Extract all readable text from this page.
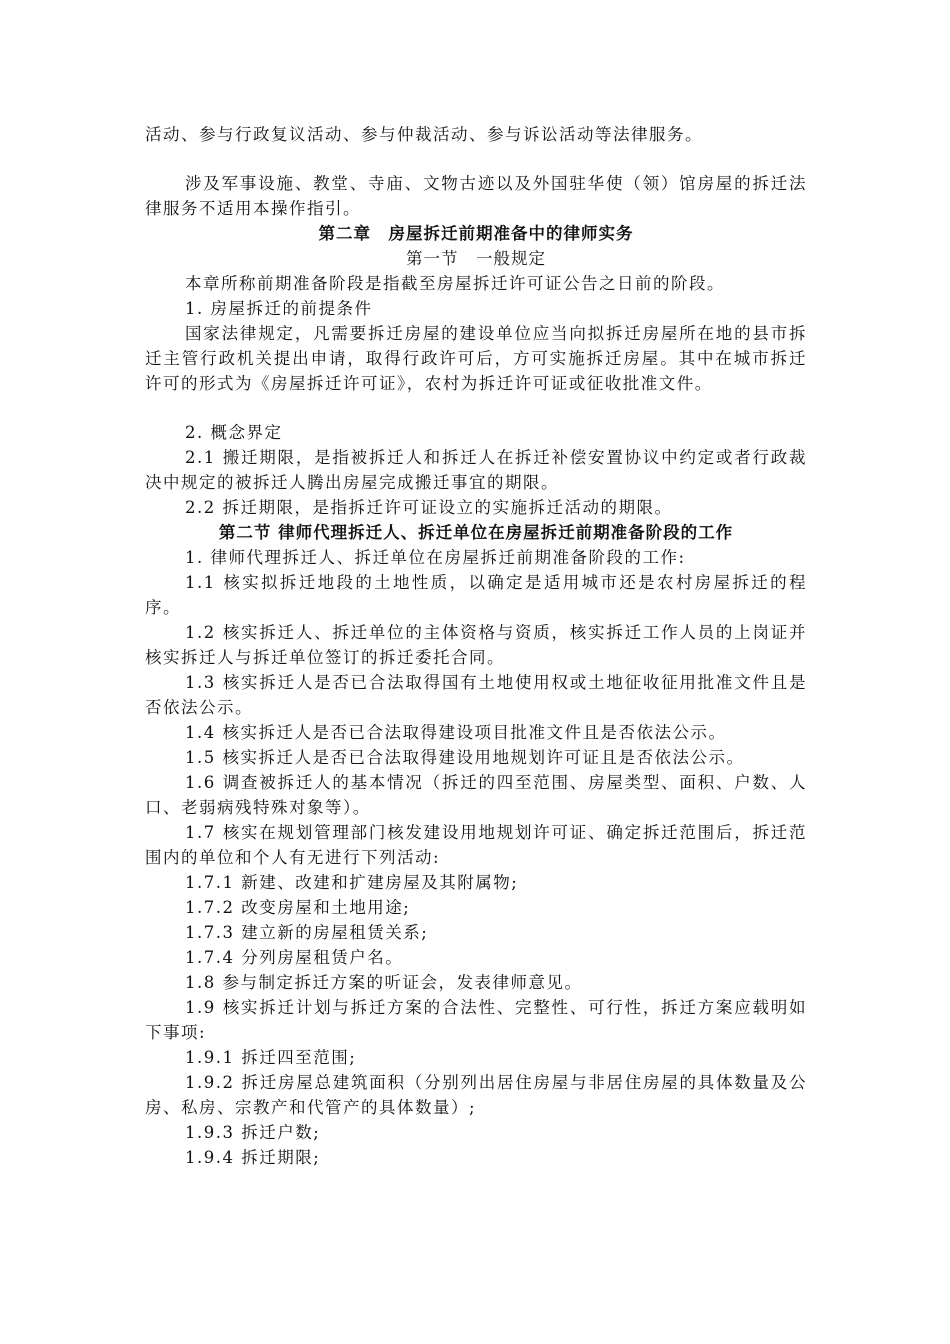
活动、参与行政复议活动、参与仲裁活动、参与诉讼活动等法律服务。

涉及军事设施、教堂、寺庙、文物古迹以及外国驻华使（领）馆房屋的拆迁法律服务不适用本操作指引。

第二章　房屋拆迁前期准备中的律师实务

第一节　一般规定

本章所称前期准备阶段是指截至房屋拆迁许可证公告之日前的阶段。

1. 房屋拆迁的前提条件

国家法律规定，凡需要拆迁房屋的建设单位应当向拟拆迁房屋所在地的县市拆迁主管行政机关提出申请，取得行政许可后，方可实施拆迁房屋。其中在城市拆迁许可的形式为《房屋拆迁许可证》，农村为拆迁许可证或征收批准文件。

2. 概念界定

2.1 搬迁期限，是指被拆迁人和拆迁人在拆迁补偿安置协议中约定或者行政裁决中规定的被拆迁人腾出房屋完成搬迁事宜的期限。

2.2 拆迁期限，是指拆迁许可证设立的实施拆迁活动的期限。

第二节 律师代理拆迁人、拆迁单位在房屋拆迁前期准备阶段的工作

1. 律师代理拆迁人、拆迁单位在房屋拆迁前期准备阶段的工作:

1.1 核实拟拆迁地段的土地性质，以确定是适用城市还是农村房屋拆迁的程序。

1.2 核实拆迁人、拆迁单位的主体资格与资质，核实拆迁工作人员的上岗证并核实拆迁人与拆迁单位签订的拆迁委托合同。

1.3 核实拆迁人是否已合法取得国有土地使用权或土地征收征用批准文件且是否依法公示。

1.4 核实拆迁人是否已合法取得建设项目批准文件且是否依法公示。

1.5 核实拆迁人是否已合法取得建设用地规划许可证且是否依法公示。

1.6 调查被拆迁人的基本情况（拆迁的四至范围、房屋类型、面积、户数、人口、老弱病残特殊对象等）。

1.7 核实在规划管理部门核发建设用地规划许可证、确定拆迁范围后，拆迁范围内的单位和个人有无进行下列活动:

1.7.1 新建、改建和扩建房屋及其附属物;

1.7.2 改变房屋和土地用途;

1.7.3 建立新的房屋租赁关系;

1.7.4 分列房屋租赁户名。

1.8 参与制定拆迁方案的听证会，发表律师意见。

1.9 核实拆迁计划与拆迁方案的合法性、完整性、可行性，拆迁方案应载明如下事项:

1.9.1 拆迁四至范围;

1.9.2 拆迁房屋总建筑面积（分别列出居住房屋与非居住房屋的具体数量及公房、私房、宗教产和代管产的具体数量）;

1.9.3 拆迁户数;

1.9.4 拆迁期限;
